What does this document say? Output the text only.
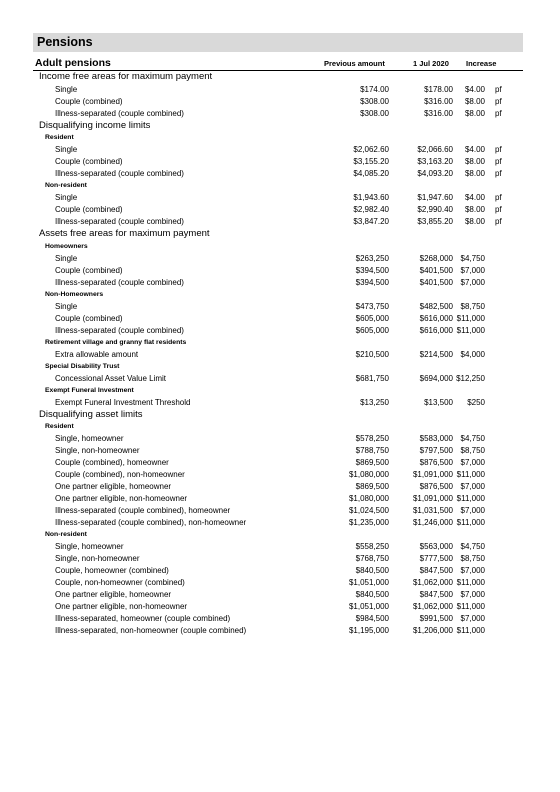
Pensions
Adult pensions	Previous amount	1 Jul 2020 Increase
Income free areas for maximum payment
Single	$174.00	$178.00	$4.00 pf
Couple (combined)	$308.00	$316.00	$8.00 pf
Illness-separated (couple combined)	$308.00	$316.00	$8.00 pf
Disqualifying income limits
Resident
Single	$2,062.60	$2,066.60	$4.00 pf
Couple (combined)	$3,155.20	$3,163.20	$8.00 pf
Illness-separated (couple combined)	$4,085.20	$4,093.20	$8.00 pf
Non-resident
Single	$1,943.60	$1,947.60	$4.00 pf
Couple (combined)	$2,982.40	$2,990.40	$8.00 pf
Illness-separated (couple combined)	$3,847.20	$3,855.20	$8.00 pf
Assets free areas for maximum payment
Homeowners
Single	$263,250	$268,000 $4,750
Couple (combined)	$394,500	$401,500 $7,000
Illness-separated (couple combined)	$394,500	$401,500 $7,000
Non-Homeowners
Single	$473,750	$482,500 $8,750
Couple (combined)	$605,000	$616,000 $11,000
Illness-separated (couple combined)	$605,000	$616,000 $11,000
Retirement village and granny flat residents
Extra allowable amount	$210,500	$214,500 $4,000
Special Disability Trust
Concessional Asset Value Limit	$681,750	$694,000 $12,250
Exempt Funeral Investment
Exempt Funeral Investment Threshold	$13,250	$13,500	$250
Disqualifying asset limits
Resident
Single, homeowner	$578,250	$583,000 $4,750
Single, non-homeowner	$788,750	$797,500 $8,750
Couple (combined), homeowner	$869,500	$876,500 $7,000
Couple (combined), non-homeowner	$1,080,000	$1,091,000 $11,000
One partner eligible, homeowner	$869,500	$876,500 $7,000
One partner eligible, non-homeowner	$1,080,000	$1,091,000 $11,000
Illness-separated (couple combined), homeowner	$1,024,500	$1,031,500 $7,000
Illness-separated (couple combined), non-homeowner	$1,235,000	$1,246,000 $11,000
Non-resident
Single, homeowner	$558,250	$563,000 $4,750
Single, non-homeowner	$768,750	$777,500 $8,750
Couple, homeowner (combined)	$840,500	$847,500 $7,000
Couple, non-homeowner (combined)	$1,051,000	$1,062,000 $11,000
One partner eligible, homeowner	$840,500	$847,500 $7,000
One partner eligible, non-homeowner	$1,051,000	$1,062,000 $11,000
Illness-separated, homeowner (couple combined)	$984,500	$991,500 $7,000
Illness-separated, non-homeowner (couple combined)	$1,195,000	$1,206,000 $11,000
